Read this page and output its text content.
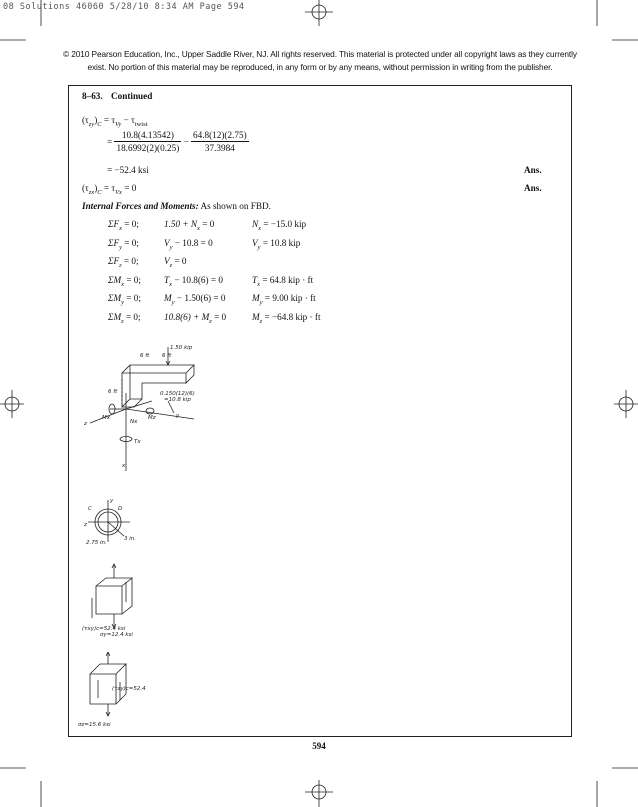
08 Solutions 46060 5/28/10 8:34 AM Page 594
© 2010 Pearson Education, Inc., Upper Saddle River, NJ. All rights reserved. This material is protected under all copyright laws as they currently exist. No portion of this material may be reproduced, in any form or by any means, without permission in writing from the publisher.
8–63. Continued
$(\tau_{zy})_C = \tau_{Vy} - \tau_{twist}$
= $\frac{10.8(4.13542)}{18.6992(2)(0.25)} - \frac{64.8(12)(2.75)}{37.3984}$
= −52.4 ksi	Ans.
$(\tau_{zx})_C = \tau_{Vx} = 0$	Ans.
Internal Forces and Moments: As shown on FBD.
$\Sigma F_x = 0$;	$1.50 + N_x = 0$	$N_x = -15.0$ kip
$\Sigma F_y = 0$;	$V_y - 10.8 = 0$	$V_y = 10.8$ kip
$\Sigma F_z = 0$;	$V_z = 0$
$\Sigma M_x = 0$;	$T_x - 10.8(6) = 0$	$T_x = 64.8$ kip · ft
$\Sigma M_y = 0$;	$M_y - 1.50(6) = 0$	$M_y = 9.00$ kip · ft
$\Sigma M_z = 0$;	$10.8(6) + M_z = 0$	$M_z = -64.8$ kip · ft
1.50 kip
6 ft 6 ft
6 ft	0.150(12)(6)
=10.8 kip
z
Mx
Nx
Mz	y
Tx
x
y
C	D
z
2.75 in.
3 in.
(τxy)c=52.4 ksi
σy=12.4 ksi
(τzy)c=52.4
σz=15.6 ksi
594
